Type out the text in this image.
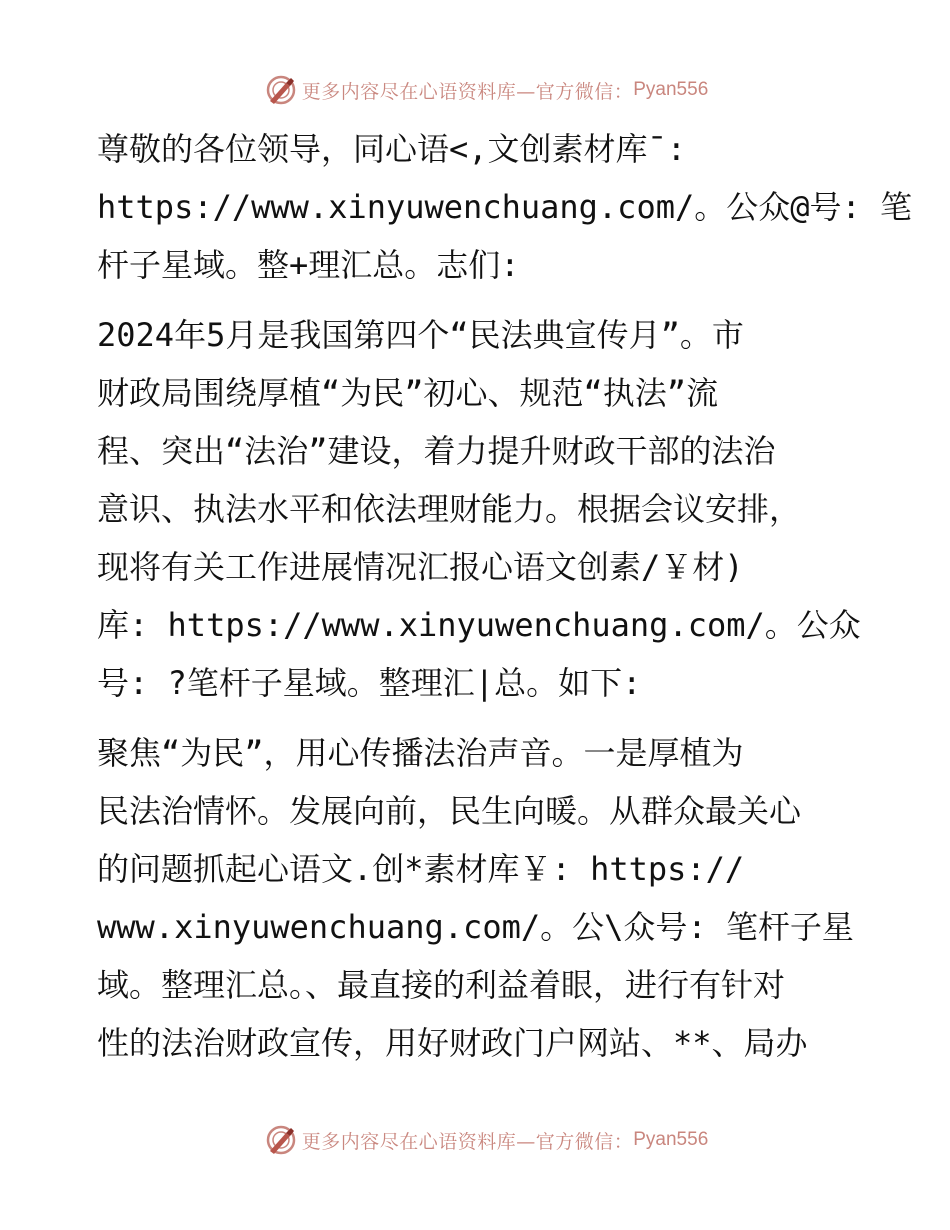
更多内容尽在心语资料库—官方微信： Pyan556
尊敬的各位领导，同心语<,文创素材库¯:
https://www.xinyuwenchuang.com/。公众@号: 笔
杆子星域。整+理汇总。志们:
2024年5月是我国第四个“民法典宣传月”。市
财政局围绕厚植“为民”初心、规范“执法”流
程、突出“法治”建设，着力提升财政干部的法治
意识、执法水平和依法理财能力。根据会议安排，
现将有关工作进展情况汇报心语文创素/￥材)
库: https://www.xinyuwenchuang.com/。公众
号: ?笔杆子星域。整理汇|总。如下:
聚焦“为民”，用心传播法治声音。一是厚植为
民法治情怀。发展向前，民生向暖。从群众最关心
的问题抓起心语文.创*素材库￥: https://
www.xinyuwenchuang.com/。公\众号: 笔杆子星
域。整理汇总。、最直接的利益着眼，进行有针对
性的法治财政宣传，用好财政门户网站、**、局办
更多内容尽在心语资料库—官方微信： Pyan556
